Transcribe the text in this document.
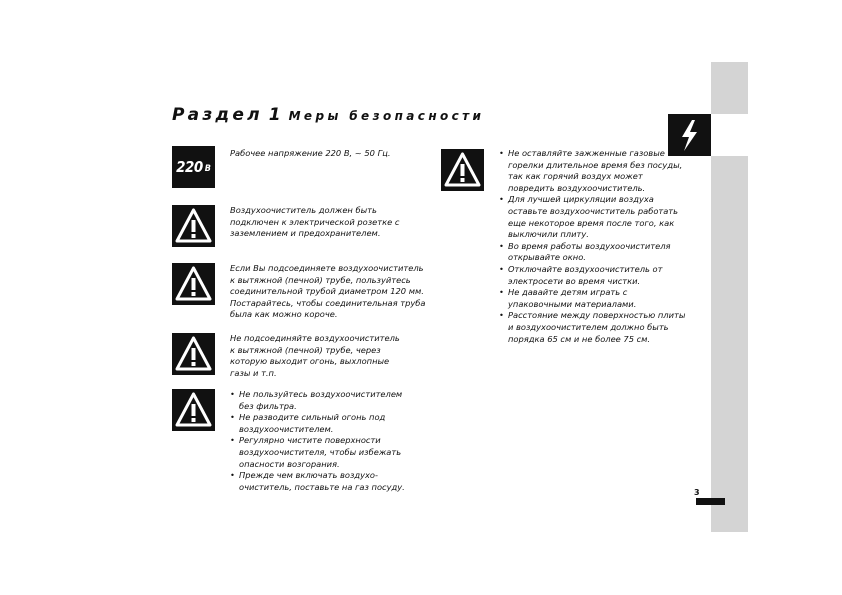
Раздел 1 Меры безопасности
220 В
Рабочее напряжение 220 В, ~ 50 Гц.
Воздухоочиститель должен быть
подключен к электрической розетке с
заземлением и предохранителем.
Если Вы подсоединяете воздухоочиститель
к вытяжной (печной) трубе, пользуйтесь
соединительной трубой диаметром 120 мм.
Постарайтесь, чтобы соединительная труба
была как можно короче.
Не подсоединяйте воздухоочиститель
к вытяжной (печной) трубе, через
которую выходит огонь, выхлопные
газы и т.п.
• Не пользуйтесь воздухоочистителем
без фильтра.
• Не разводите сильный огонь под
воздухоочистителем.
• Регулярно чистите поверхности
воздухоочистителя, чтобы избежать
опасности возгорания.
• Прежде чем включать воздухо-
очиститель, поставьте на газ посуду.
• Не оставляйте зажженные газовые
горелки длительное время без посуды,
так как горячий воздух может
повредить воздухоочиститель.
• Для лучшей циркуляции воздуха
оставьте воздухоочиститель работать
еще некоторое время после того, как
выключили плиту.
• Во время работы воздухоочистителя
открывайте окно.
• Отключайте воздухоочиститель от
электросети во время чистки.
• Не давайте детям играть с
упаковочными материалами.
• Расстояние между поверхностью плиты
и воздухоочистителем должно быть
порядка 65 см и не более 75 см.
3
